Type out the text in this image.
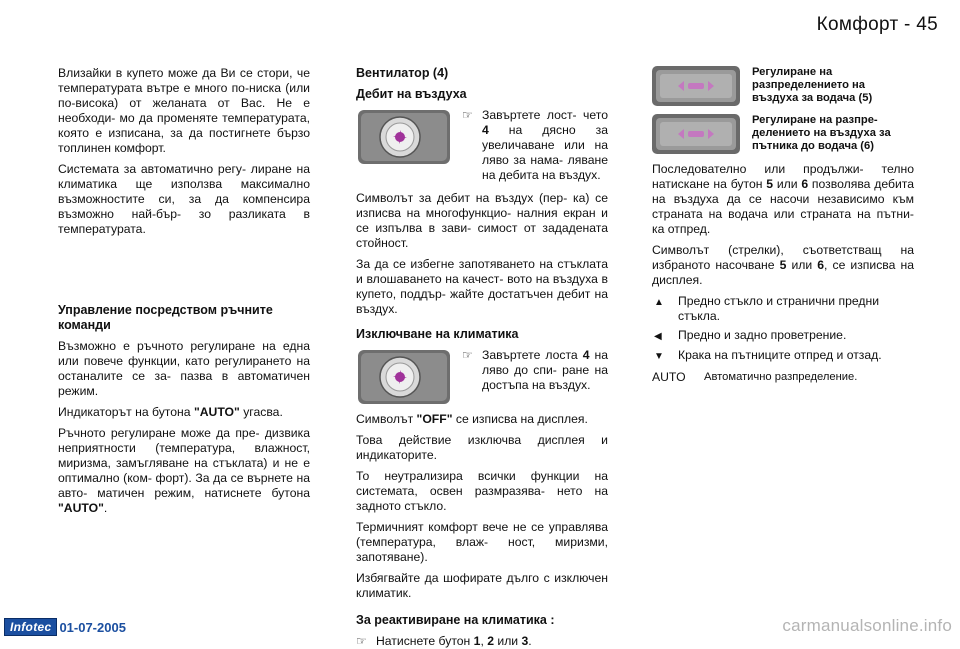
Комфорт - 45

Влизайки в купето може да Ви се стори, че температурата вътре е много по-ниска (или по-висока) от желаната от Вас. Не е необходи- мо да променяте температурата, която е изписана, за да постигнете бързо топлинен комфорт.

Системата за автоматично регу- лиране на климатика ще използва максимално възможностите си, за да компенсира възможно най-бър- зо разликата в температурата.

Управление посредством ръчните команди

Възможно е ръчното регулиране на една или повече функции, като регулирането на останалите се за- пазва в автоматичен режим.

Индикаторът на бутона "AUTO" угасва.

Ръчното регулиране може да пре- дизвика неприятности (температура, влажност, миризма, замъгляване на стъклата) и не е оптимално (ком- форт). За да се върнете на авто- матичен режим, натиснете бутона "AUTO".

Вентилатор (4)
Дебит на въздуха
☞ Завъртете лост- чето 4 на дясно за увеличаване или на ляво за нама- ляване на дебита на въздух.

Символът за дебит на въздух (пер- ка) се изписва на многофункцио- налния екран и се изпълва в зави- симост от зададената стойност.

За да се избегне запотяването на стъклата и влошаването на качест- вото на въздуха в купето, поддър- жайте достатъчен дебит на въздух.

Изключване на климатика
☞ Завъртете лоста 4 на ляво до спи- ране на достъпа на въздух.

Символът "OFF" се изписва на дисплея.

Това действие изключва дисплея и индикаторите.

То неутрализира всички функции на системата, освен размразява- нето на задното стъкло.

Термичният комфорт вече не се управлява (температура, влаж- ност, миризми, запотяване).

Избягвайте да шофирате дълго с изключен климатик.

За реактивиране на климатика :
☞ Натиснете бутон 1, 2 или 3.
Регулиране на разпределението на въздуха за водача (5)
Регулиране на разпре- делението на въздуха за пътника до водача (6)

Последователно или продължи- телно натискане на бутон 5 или 6 позволява дебита на въздуха да се насочи независимо към страната на водача или страната на пътни- ка отпред.

Символът (стрелки), съответстващ на избраното насочване 5 или 6, се изписва на дисплея.

▲	Предно стъкло и странични предни стъкла.
◀	Предно и задно проветрение.
▼	Крака на пътниците отпред и отзад.
AUTO	Автоматично разпределение.
Infotec 01-07-2005	carmanualsonline.info
